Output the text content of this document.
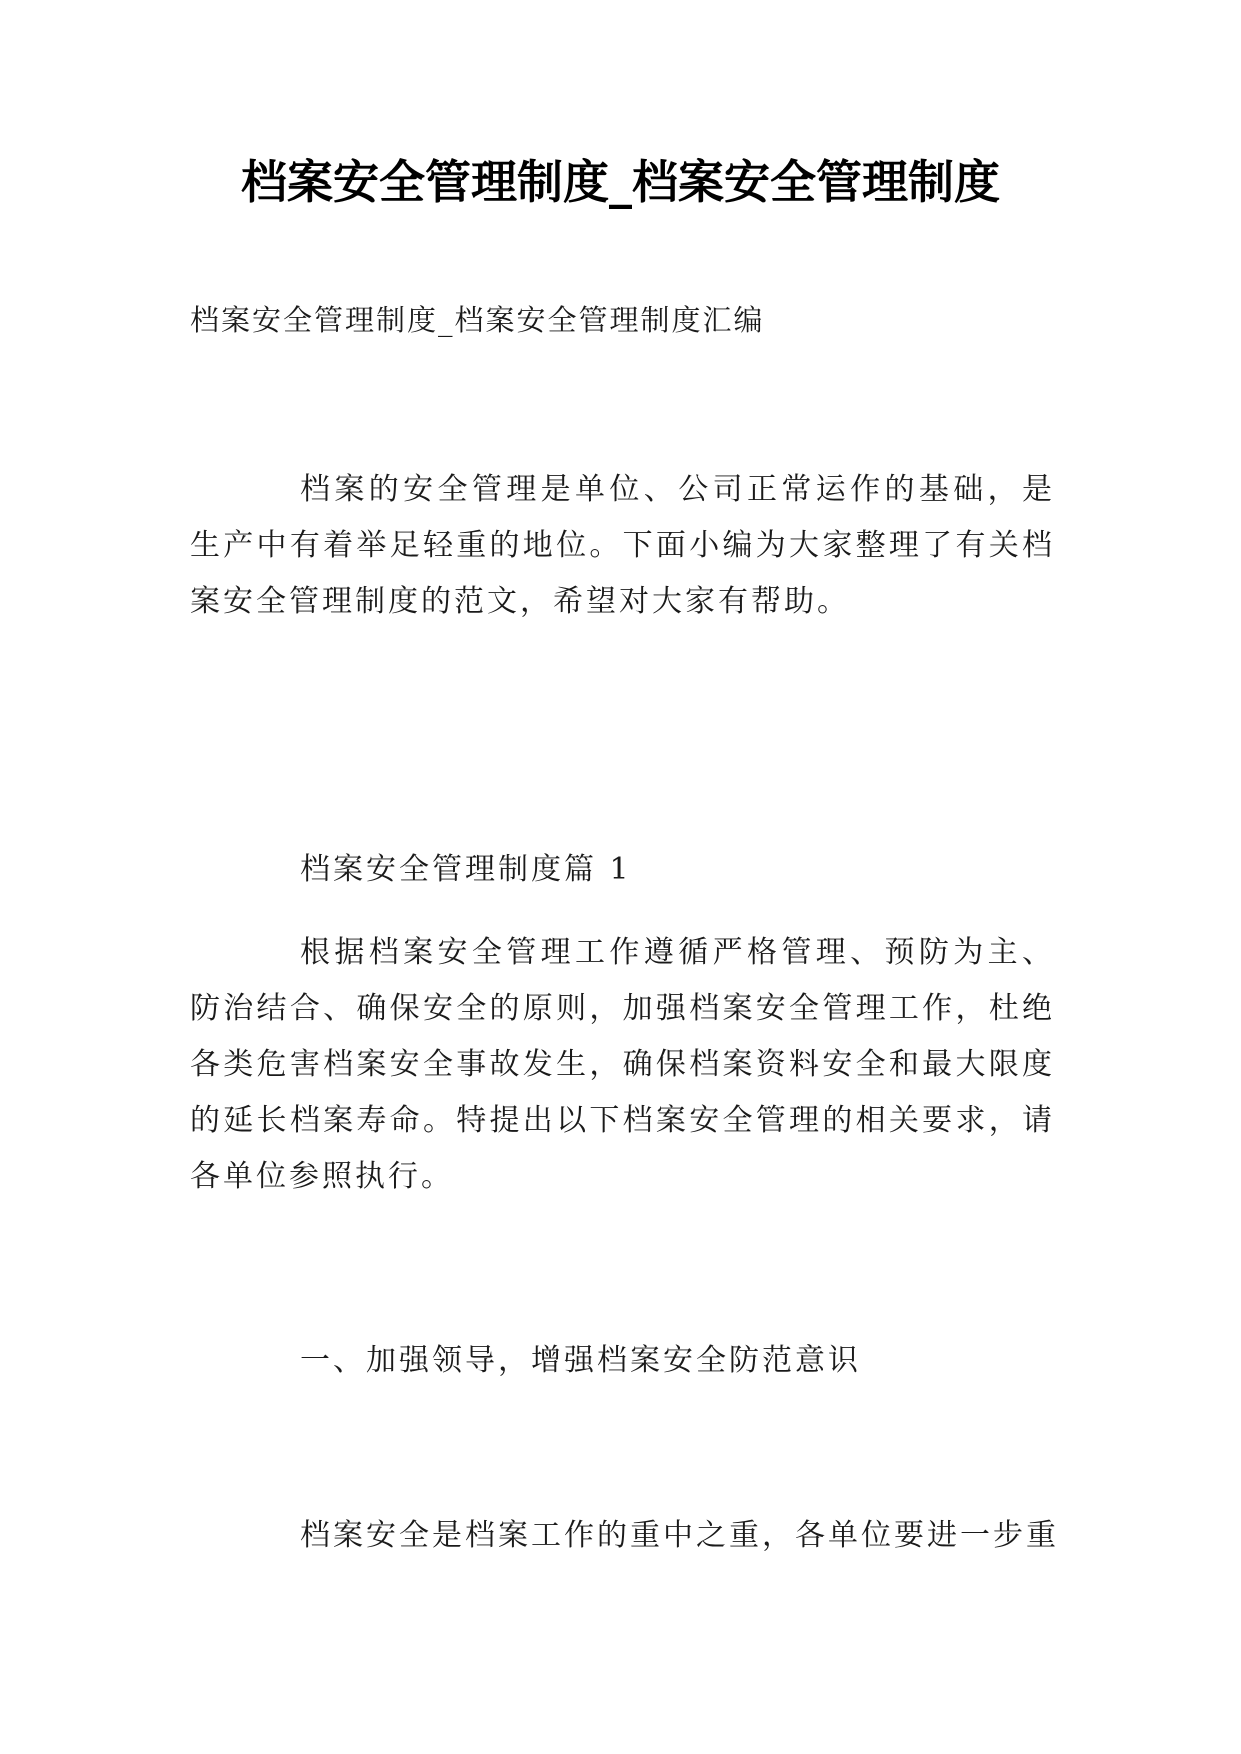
档案安全管理制度_档案安全管理制度

档案安全管理制度_档案安全管理制度汇编

档案的安全管理是单位、公司正常运作的基础，是生产中有着举足轻重的地位。下面小编为大家整理了有关档案安全管理制度的范文，希望对大家有帮助。

档案安全管理制度篇 1

根据档案安全管理工作遵循严格管理、预防为主、防治结合、确保安全的原则，加强档案安全管理工作，杜绝各类危害档案安全事故发生，确保档案资料安全和最大限度的延长档案寿命。特提出以下档案安全管理的相关要求，请各单位参照执行。

一、加强领导，增强档案安全防范意识

档案安全是档案工作的重中之重，各单位要进一步重
